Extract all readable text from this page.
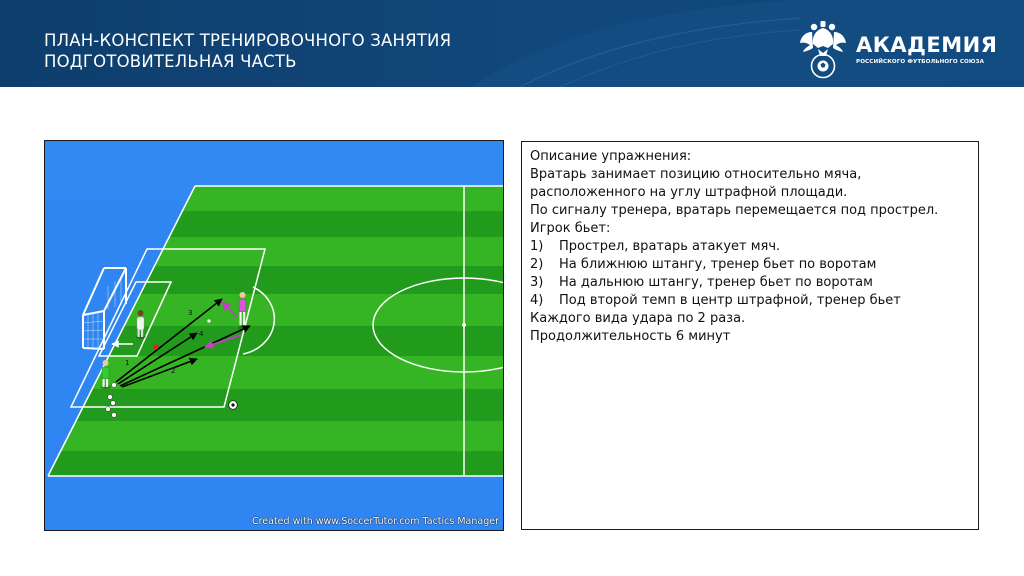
ПЛАН-КОНСПЕКТ ТРЕНИРОВОЧНОГО ЗАНЯТИЯ
ПОДГОТОВИТЕЛЬНАЯ ЧАСТЬ
АКАДЕМИЯ
РОССИЙСКОГО ФУТБОЛЬНОГО СОЮЗА
3
4
2
1
Created with www.SoccerTutor.com Tactics Manager

Описание упражнения:

Вратарь занимает позицию относительно мяча, расположенного на углу штрафной площади.

По сигналу тренера, вратарь перемещается под прострел.

Игрок бьет:

1)	Прострел, вратарь атакует мяч.
2)	На ближнюю штангу, тренер бьет по воротам
3)	На дальнюю штангу, тренер бьет по воротам
4)	Под второй темп в центр штрафной, тренер бьет

Каждого вида удара по 2 раза.

Продолжительность 6 минут
